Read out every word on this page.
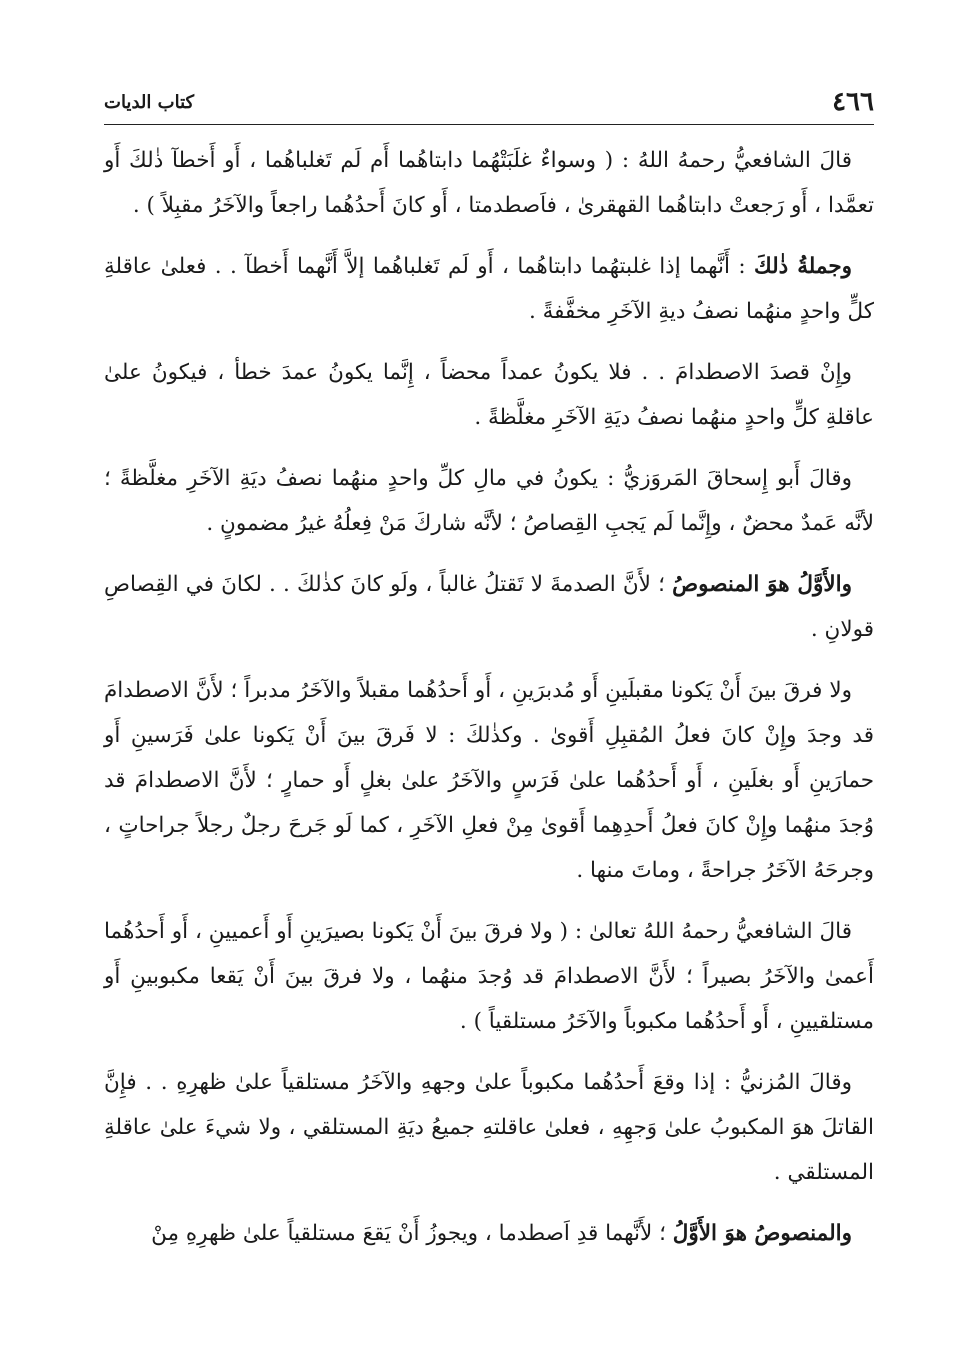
٤٦٦
كتاب الديات

قالَ الشافعيُّ رحمهُ اللهُ : ( وسواءٌ غلَبَتْهُما دابتاهُما أَم لَم تَغلباهُما ، أَو أَخطآ ذٰلكَ أَو تعمَّدا ، أَو رَجعتْ دابتاهُما القهقرىٰ ، فاَصطدمتا ، أَو كانَ أَحدُهُما راجعاً والآخَرُ مقبِلاً ) .

وجملةُ ذٰلكَ : أَنَّهما إذا غلبتهُما دابتاهُما ، أَو لَم تَغلباهُما إلاَّ أَنَّهما أَخطآ . . فعلىٰ عاقلةِ كلٍّ واحدٍ منهُما نصفُ ديةِ الآخَرِ مخفَّفةً .

وإِنْ قصدَ الاصطدامَ . . فلا يكونُ عمداً محضاً ، إِنَّما يكونُ عمدَ خطأ ، فيكونُ علىٰ عاقلةِ كلٍّ واحدٍ منهُما نصفُ ديَةِ الآخَرِ مغلَّظةً .

وقالَ أَبو إِسحاقَ المَروَزيُّ : يكونُ في مالِ كلِّ واحدٍ منهُما نصفُ ديَةِ الآخَرِ مغلَّظةً ؛ لأنَّه عَمدٌ محضٌ ، وإِنَّما لَم يَجبِ القِصاصُ ؛ لأنَّه شاركَ مَنْ فِعلُهُ غيرُ مضمونٍ .

والأَوَّلُ هوَ المنصوصُ ؛ لأَنَّ الصدمةَ لا تَقتلُ غالباً ، ولَو كانَ كذٰلكَ . . لكانَ في القِصاصِ قولانِ .

ولا فرقَ بينَ أَنْ يَكونا مقبلَينِ أَو مُدبرَينِ ، أَو أَحدُهُما مقبلاً والآخَرُ مدبراً ؛ لأَنَّ الاصطدامَ قد وجدَ وإِنْ كانَ فعلُ المُقبِلِ أَقوىٰ . وكذٰلكَ : لا فَرقَ بينَ أَنْ يَكونا علىٰ فَرَسينِ أَو حمارَينِ أَو بغلَينِ ، أَو أَحدُهُما علىٰ فَرَسٍ والآخَرُ علىٰ بغلٍ أَو حمارٍ ؛ لأَنَّ الاصطدامَ قد وُجدَ منهُما وإِنْ كانَ فعلُ أَحدِهِما أَقوىٰ مِنْ فعلِ الآخَرِ ، كما لَو جَرحَ رجلٌ رجلاً جراحاتٍ ، وجرحَهُ الآخَرُ جراحةً ، وماتَ منها .

قالَ الشافعيُّ رحمهُ اللهُ تعالىٰ : ( ولا فرقَ بينَ أَنْ يَكونا بصيرَينِ أَو أَعميينِ ، أَو أَحدُهُما أَعمىٰ والآخَرُ بصيراً ؛ لأَنَّ الاصطدامَ قد وُجدَ منهُما ، ولا فرقَ بينَ أَنْ يَقعا مكبوبينِ أَو مستلقيينِ ، أَو أَحدُهُما مكبوباً والآخَرُ مستلقياً ) .

وقالَ المُزنيُّ : إذا وقعَ أَحدُهُما مكبوباً علىٰ وجههِ والآخَرُ مستلقياً علىٰ ظهرِهِ . . فإِنَّ القاتلَ هوَ المكبوبُ علىٰ وَجهِهِ ، فعلىٰ عاقلتهِ جميعُ ديَةِ المستلقي ، ولا شيءَ علىٰ عاقلةِ المستلقي .

والمنصوصُ هوَ الأَوَّلُ ؛ لأَنَّهما قدِ اَصطدما ، ويجوزُ أَنْ يَقعَ مستلقياً علىٰ ظهرِهِ مِنْ
